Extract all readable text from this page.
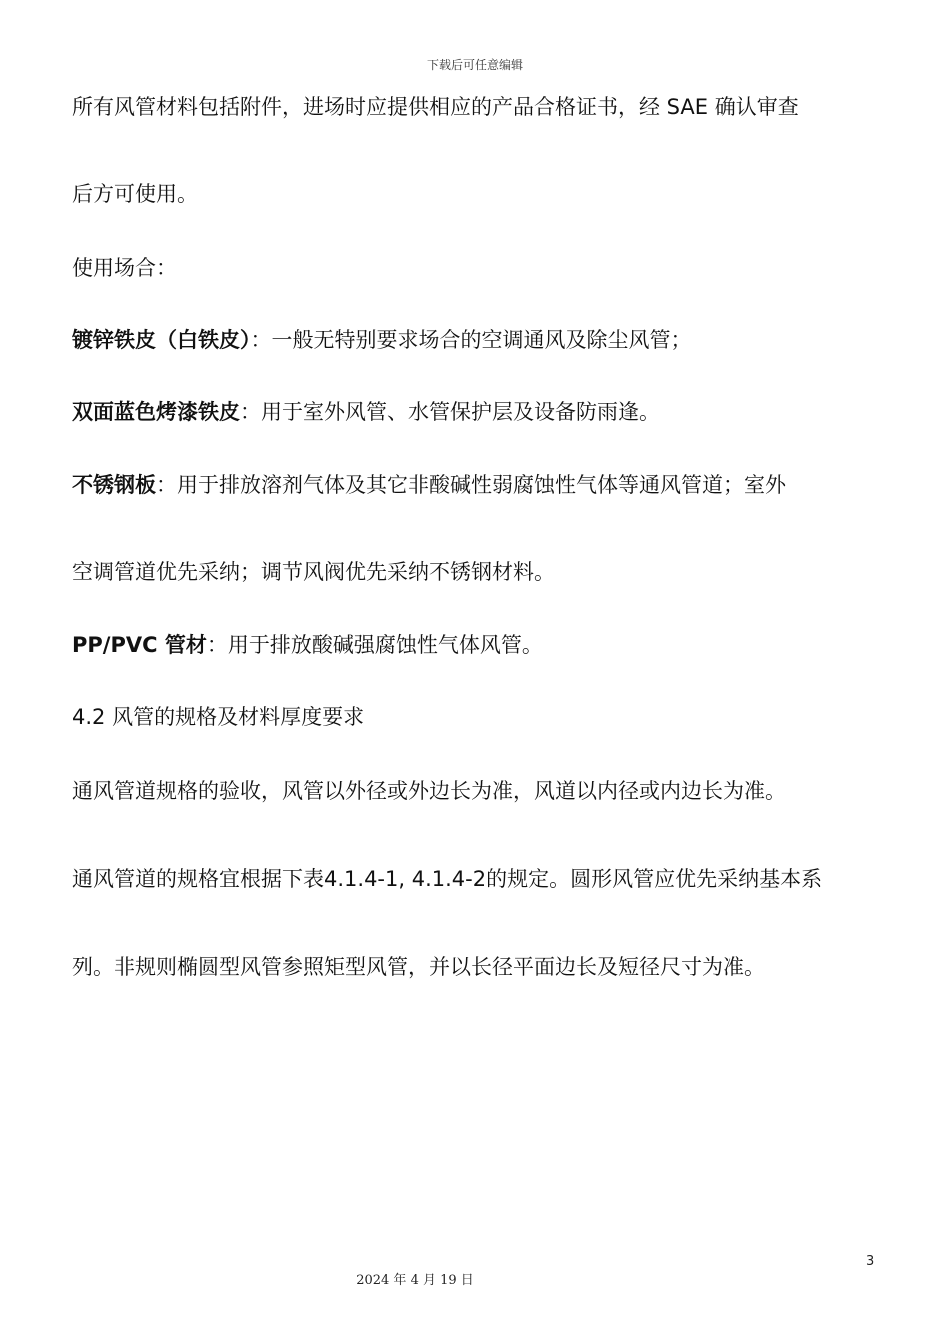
下载后可任意编辑
所有风管材料包括附件，进场时应提供相应的产品合格证书，经 SAE 确认审查
后方可使用。
使用场合：
镀锌铁皮（白铁皮）：一般无特别要求场合的空调通风及除尘风管；
双面蓝色烤漆铁皮：用于室外风管、水管保护层及设备防雨逢。
不锈钢板：用于排放溶剂气体及其它非酸碱性弱腐蚀性气体等通风管道；室外
空调管道优先采纳；调节风阀优先采纳不锈钢材料。
PP/PVC 管材：用于排放酸碱强腐蚀性气体风管。
4.2 风管的规格及材料厚度要求
通风管道规格的验收，风管以外径或外边长为准，风道以内径或内边长为准。
通风管道的规格宜根据下表4.1.4-1, 4.1.4-2的规定。圆形风管应优先采纳基本系
列。非规则椭圆型风管参照矩型风管，并以长径平面边长及短径尺寸为准。
3
2024 年 4 月 19 日
